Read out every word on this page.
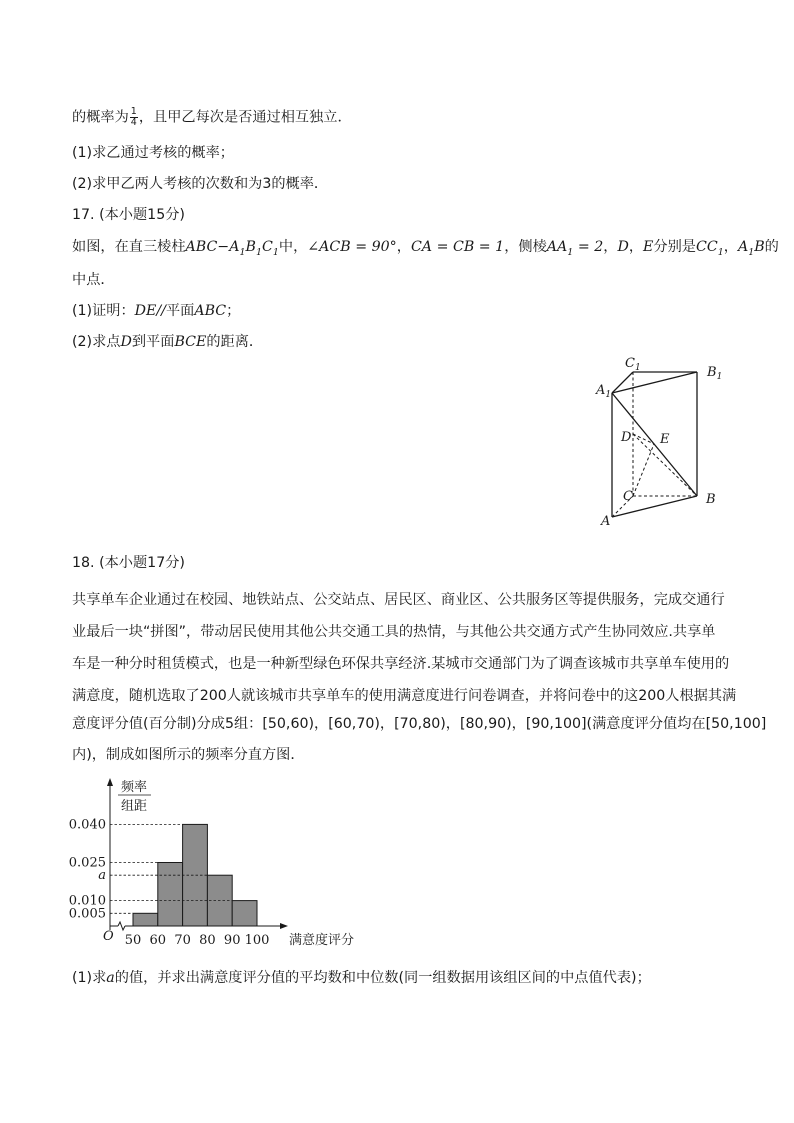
的概率为 $\frac{1}{4}$ ，且甲乙每次是否通过相互独立．
(1)求乙通过考核的概率；
(2)求甲乙两人考核的次数和为3的概率．
17. (本小题15分)
如图，在直三棱柱$ABC-A_1B_1C_1$中，∠ACB = 90°，CA = CB = 1，侧棱$AA_1 = 2$，D，E分别是$CC_1$，$A_1B$的
中点．
(1)证明：DE//平面ABC；
(2)求点D到平面BCE的距离．
$C_1$	$B_1$
$A_1$
D E
C	B
A
18. (本小题17分)
共享单车企业通过在校园、地铁站点、公交站点、居民区、商业区、公共服务区等提供服务，完成交通行
业最后一块“拼图”，带动居民使用其他公共交通工具的热情，与其他公共交通方式产生协同效应.共享单
车是一种分时租赁模式，也是一种新型绿色环保共享经济.某城市交通部门为了调查该城市共享单车使用的
满意度，随机选取了200人就该城市共享单车的使用满意度进行问卷调查，并将问卷中的这200人根据其满
意度评分值(百分制)分成5组：[50,60)，[60,70)，[70,80)，[80,90)，[90,100](满意度评分值均在[50,100]
内)，制成如图所示的频率分直方图．
0.040
0.025
a
0.010
0.005
O 50 60 70 80 90 100 满意度评分
频率
组距
(1)求a的值，并求出满意度评分值的平均数和中位数(同一组数据用该组区间的中点值代表)；
